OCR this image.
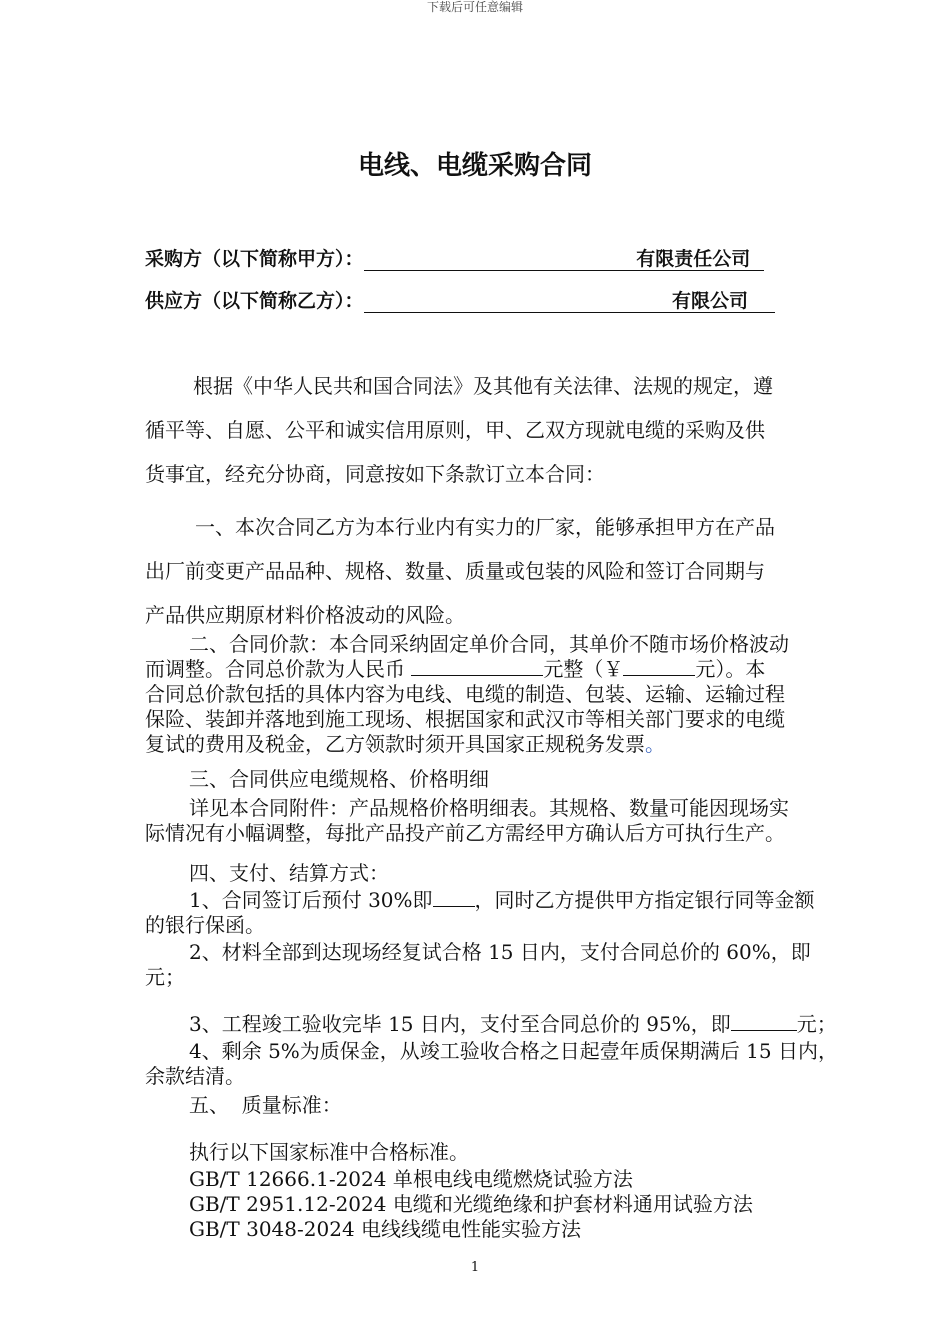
下载后可任意编辑
电线、电缆采购合同
采购方（以下简称甲方）：	有限责任公司
供应方（以下简称乙方）：	有限公司
根据《中华人民共和国合同法》及其他有关法律、法规的规定，遵
循平等、自愿、公平和诚实信用原则，甲、乙双方现就电缆的采购及供
货事宜，经充分协商，同意按如下条款订立本合同：
一、本次合同乙方为本行业内有实力的厂家，能够承担甲方在产品
出厂前变更产品品种、规格、数量、质量或包装的风险和签订合同期与
产品供应期原材料价格波动的风险。
二、合同价款：本合同采纳固定单价合同，其单价不随市场价格波动
而调整。合同总价款为人民币	元整（￥	元）。本
合同总价款包括的具体内容为电线、电缆的制造、包装、运输、运输过程
保险、装卸并落地到施工现场、根据国家和武汉市等相关部门要求的电缆
复试的费用及税金，乙方领款时须开具国家正规税务发票。
三、合同供应电缆规格、价格明细
详见本合同附件：产品规格价格明细表。其规格、数量可能因现场实
际情况有小幅调整，每批产品投产前乙方需经甲方确认后方可执行生产。
四、支付、结算方式：
1、合同签订后预付 30%即 ，同时乙方提供甲方指定银行同等金额
的银行保函。
2、材料全部到达现场经复试合格 15 日内，支付合同总价的 60%，即
元；
3、工程竣工验收完毕 15 日内，支付至合同总价的 95%，即	元；
4、剩余 5%为质保金，从竣工验收合格之日起壹年质保期满后 15 日内，
余款结清。
五、  质量标准：
执行以下国家标准中合格标准。
GB/T 12666.1-2024 单根电线电缆燃烧试验方法
GB/T 2951.12-2024 电缆和光缆绝缘和护套材料通用试验方法
GB/T 3048-2024 电线线缆电性能实验方法
1
